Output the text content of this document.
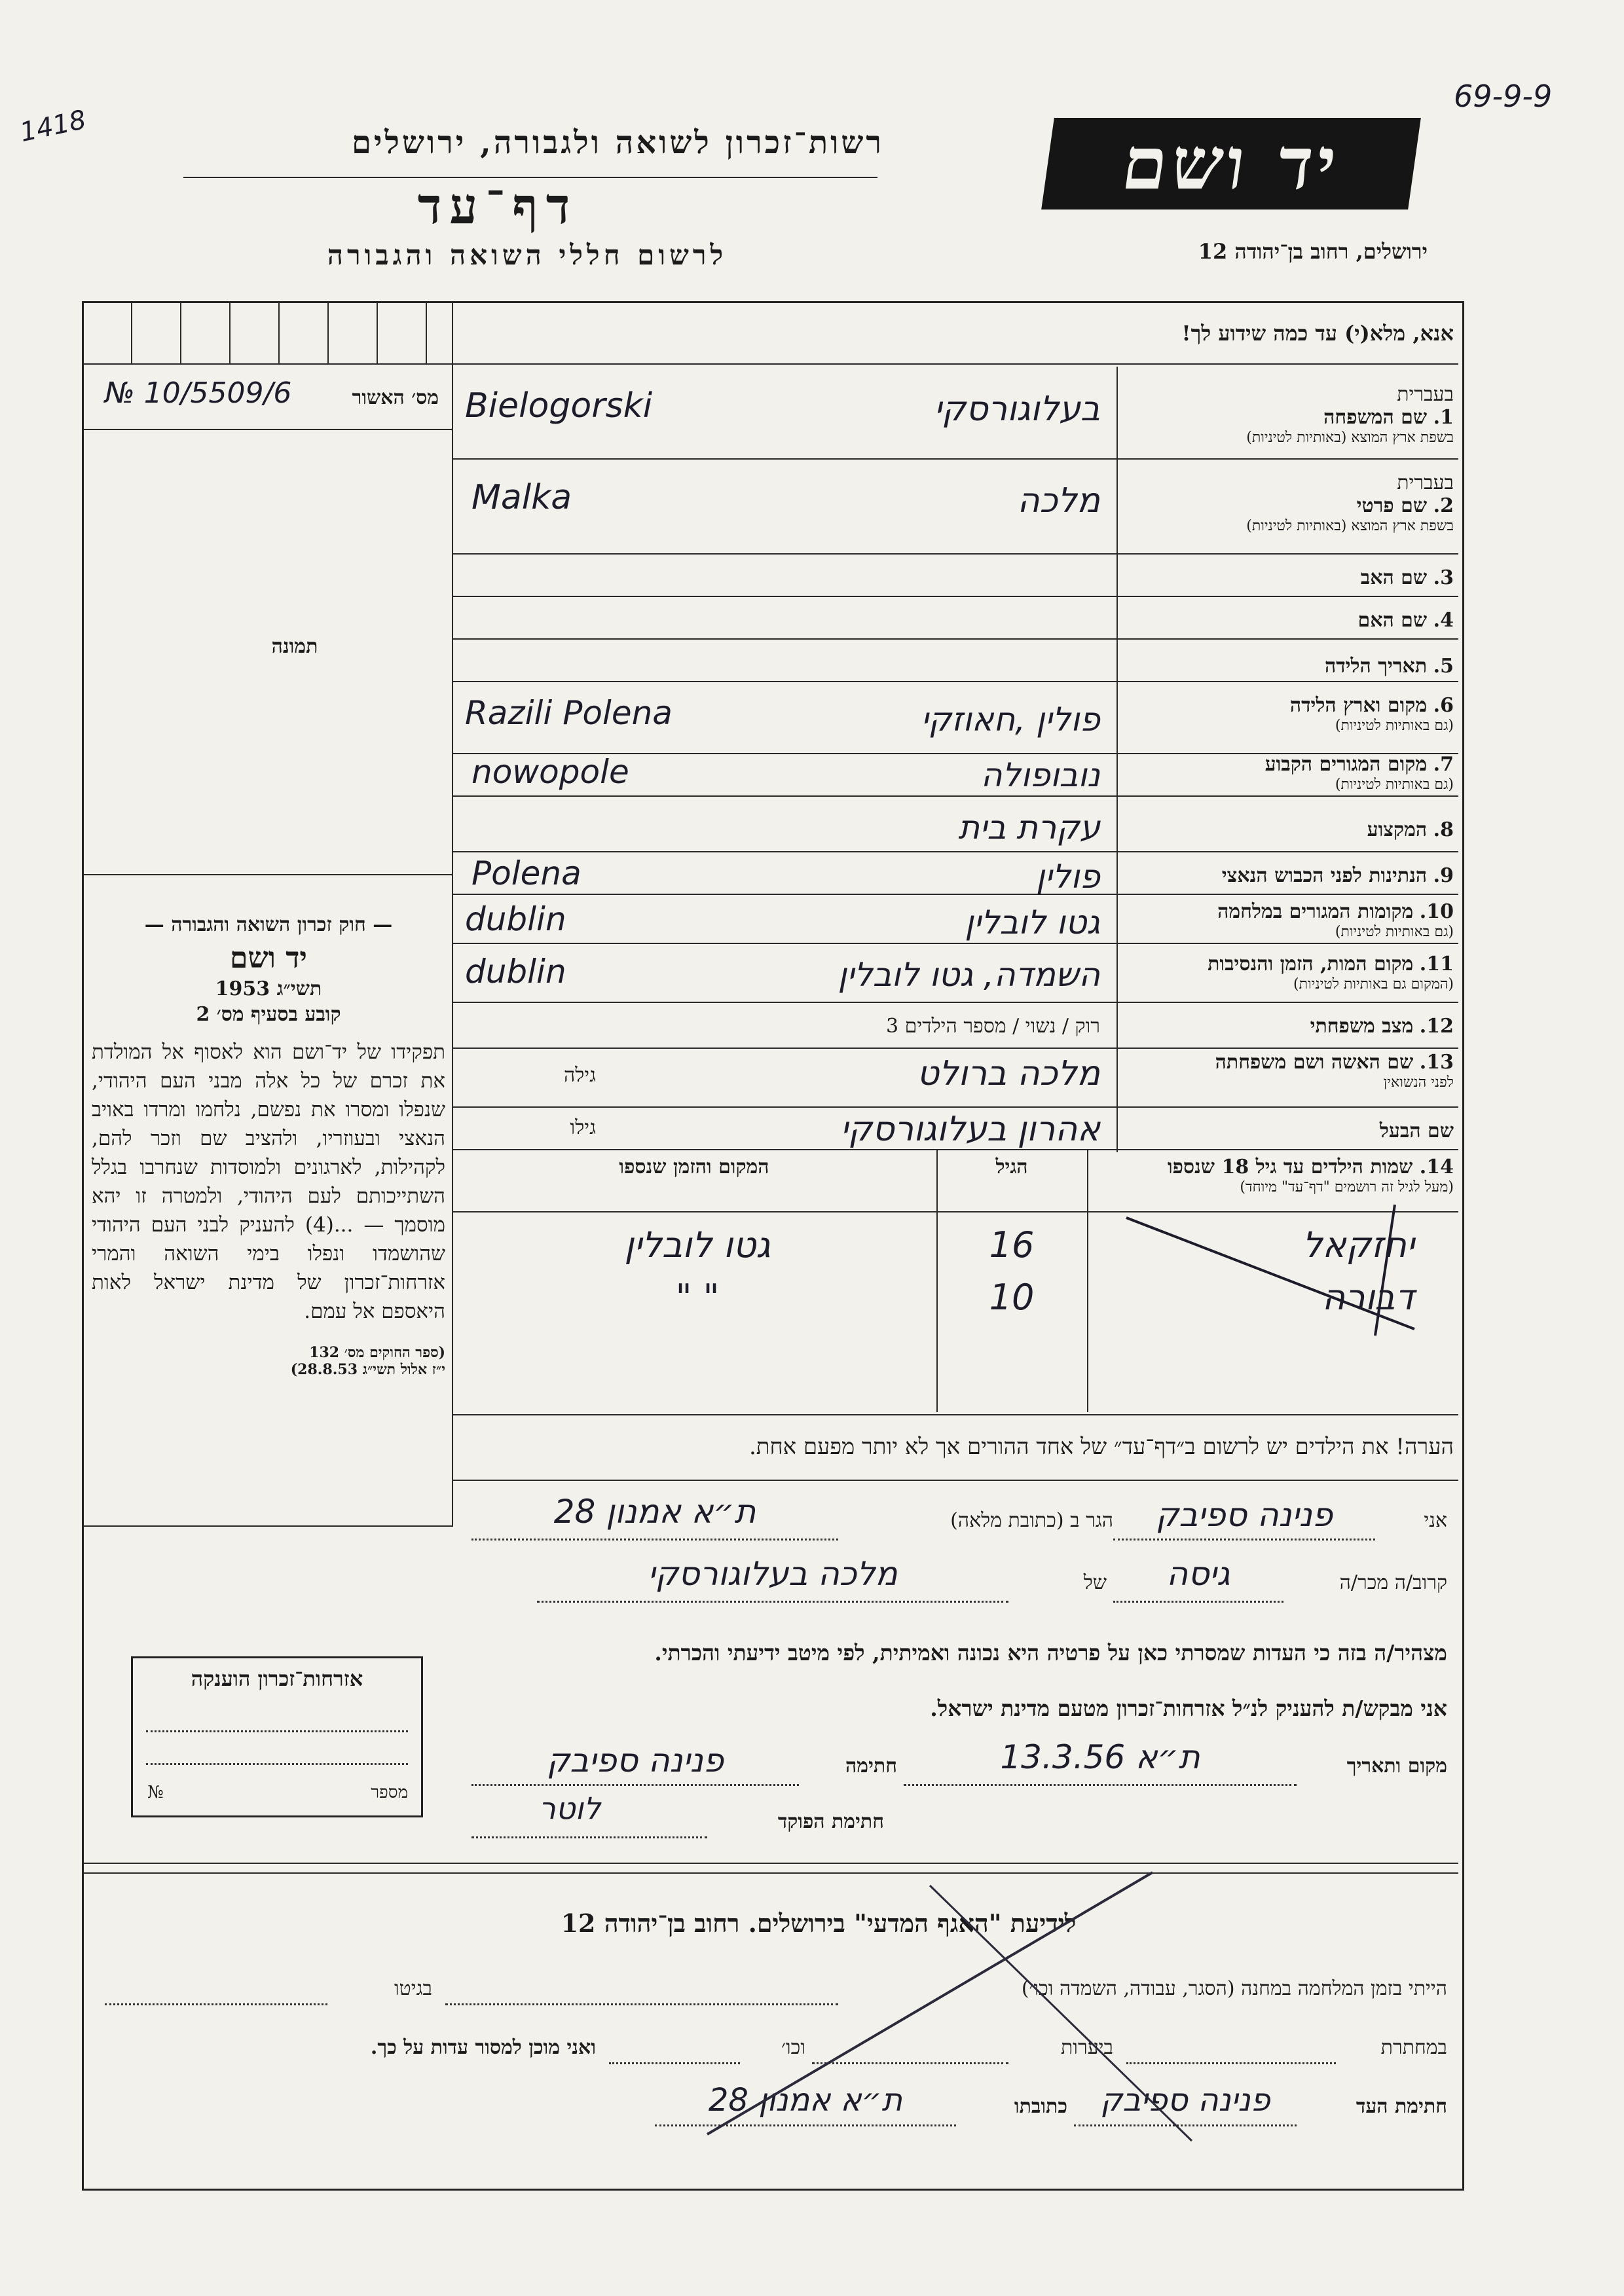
1418
69-9-9
רשות־זכרון לשואה ולגבורה, ירושלים
דף־עד
לרשום חללי השואה והגבורה
יד ושם
ירושלים, רחוב בן־יהודה 12
אנא, מלא(י) עד כמה שידוע לך!
מס׳ האשור
№ 10/5509/6
תמונה
בעברית
1. שם המשפחה
בשפת ארץ המוצא (באותיות לטיניות)
בעלוגורסקי
Bielogorski
בעברית
2. שם פרטי
בשפת ארץ המוצא (באותיות לטיניות)
מלכה
Malka
3. שם האב
4. שם האם
5. תאריך הלידה
6. מקום וארץ הלידה
(גם באותיות לטיניות)
פולין ,חאוזקי
Razili Polena
7. מקום המגורים הקבוע
(גם באותיות לטיניות)
נובופולה
nowopole
8. המקצוע
עקרת בית
9. הנתינות לפני הכבוש הנאצי
פולין
Polena
10. מקומות המגורים במלחמה
(גם באותיות לטיניות)
גטו לובלין
dublin
11. מקום המות, הזמן והנסיבות
(המקום גם באותיות לטיניות)
השמדה, גטו לובלין
dublin
12. מצב משפחתי
רוק / נשוי / מספר הילדים 3
13. שם האשה ושם משפחתה
לפני הנשואין
גילה	מלכה ברולט
שם הבעל
גילו	אהרון בעלוגורסקי
14. שמות הילדים עד גיל 18 שנספו
(מעל לגיל זה רושמים "דף־עד" מיוחד)
הגיל
המקום והזמן שנספו
יחזקאל
16
גטו לובלין
דבורה
10
" "
— חוק זכרון השואה והגבורה —
יד ושם
תשי״ג 1953
קובע בסעיף מס׳ 2
תפקידו של יד־ושם הוא לאסוף אל המולדת את זכרם של כל אלה מבני העם היהודי, שנפלו ומסרו את נפשם, נלחמו ומרדו באויב הנאצי ובעוזריו, ולהציב שם וזכר להם, לקהילות, לארגונים ולמוסדות שנחרבו בגלל השתייכותם לעם היהודי, ולמטרה זו יהא מוסמך — ...(4) להעניק לבני העם היהודי שהושמדו ונפלו בימי השואה והמרי אזרחות־זכרון של מדינת ישראל לאות היאספם אל עמם.
(ספר החוקים מס׳ 132
י״ז אלול תשי״ג 28.8.53)
הערה! את הילדים יש לרשום ב״דף־עד״ של אחד ההורים אך לא יותר מפעם אחת.
אני
פנינה ספיבק
הגר ב (כתובת מלאה)
ת״א אמנון 28
קרוב/ה מכר/ה
גיסה
של
מלכה בעלוגורסקי
מצהיר/ה בזה כי העדות שמסרתי כאן על פרטיה היא נכונה ואמיתית, לפי מיטב ידיעתי והכרתי.
אני מבקש/ת להעניק לנ״ל אזרחות־זכרון מטעם מדינת ישראל.
מקום ותאריך
ת״א 13.3.56
חתימה
פנינה ספיבק
חתימת הפוקד
לוטר
אזרחות־זכרון הוענקה
מספר
№
לידיעת "האגף המדעי" בירושלים. רחוב בן־יהודה 12
הייתי בזמן המלחמה במחנה (הסגר, עבודה, השמדה וכו׳)
בגיטו
במחתרת
ביערות
וכו׳
ואני מוכן למסור עדות על כך.
חתימת העד
פנינה ספיבק
כתובתו
ת״א אמנון 28
